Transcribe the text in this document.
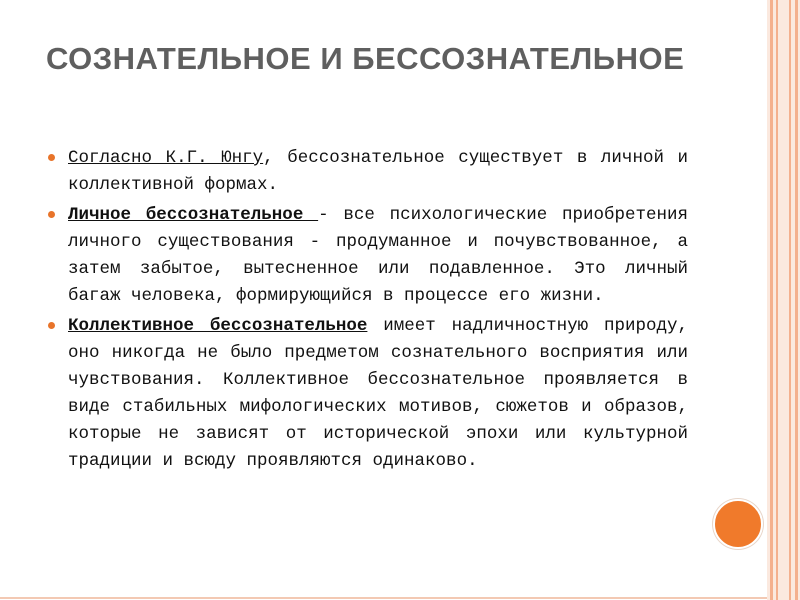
СОЗНАТЕЛЬНОЕ И БЕССОЗНАТЕЛЬНОЕ
Согласно К.Г. Юнгу, бессознательное существует в личной и коллективной формах.
Личное бессознательное - все психологические приобретения личного существования - продуманное и почувствованное, а затем забытое, вытесненное или подавленное. Это личный багаж человека, формирующийся в процессе его жизни.
Коллективное бессознательное имеет надличностную природу, оно никогда не было предметом сознательного восприятия или чувствования. Коллективное бессознательное проявляется в виде стабильных мифологических мотивов, сюжетов и образов, которые не зависят от исторической эпохи или культурной традиции и всюду проявляются одинаково.
